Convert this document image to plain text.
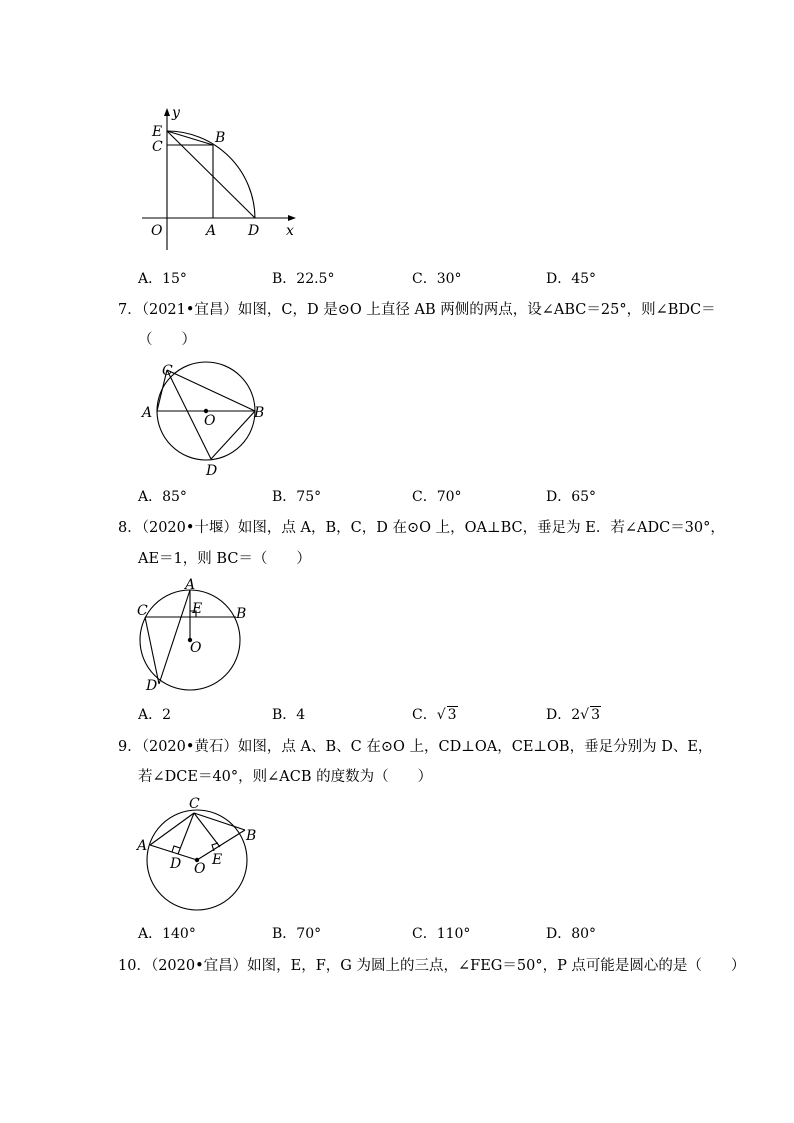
y
E	B
C
O	A D x
A．15°	B．22.5°	C．30°	D．45°
7．（2021•宜昌）如图，C，D 是⊙O 上直径 AB 两侧的两点，设∠ABC＝25°，则∠BDC＝
（　　）
C
A	O	B
D
A．85°	B．75°	C．70°	D．65°
8．（2020•十堰）如图，点 A，B，C，D 在⊙O 上，OA⊥BC，垂足为 E．若∠ADC＝30°，
AE＝1，则 BC＝（　　）
A
C	E B
O
D
A．2	B．4	C．√ 3	D．2√ 3
9．（2020•黄石）如图，点 A、B、C 在⊙O 上，CD⊥OA，CE⊥OB，垂足分别为 D、E，
若∠DCE＝40°，则∠ACB 的度数为（　　）
C
A
B
D E
O
A．140°	B．70°	C．110°	D．80°
10．（2020•宜昌）如图，E，F，G 为圆上的三点，∠FEG＝50°，P 点可能是圆心的是（　　）
